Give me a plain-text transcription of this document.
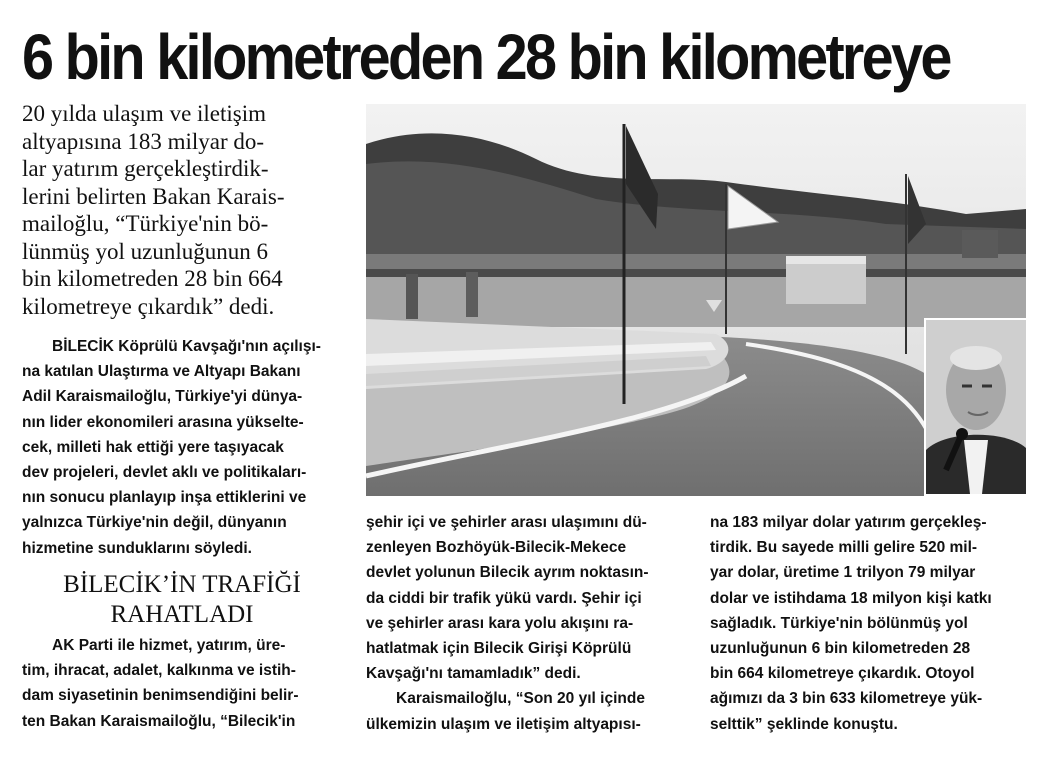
6 bin kilometreden 28 bin kilometreye
20 yılda ulaşım ve iletişim
altyapısına 183 milyar do-
lar yatırım gerçekleştirdik-
lerini belirten Bakan Karais-
mailoğlu, “Türkiye'nin bö-
lünmüş yol uzunluğunun 6
bin kilometreden 28 bin 664
kilometreye çıkardık” dedi.
BİLECİK Köprülü Kavşağı'nın açılışı-
na katılan Ulaştırma ve Altyapı Bakanı
Adil Karaismailoğlu, Türkiye'yi dünya-
nın lider ekonomileri arasına yükselte-
cek, milleti hak ettiği yere taşıyacak
dev projeleri, devlet aklı ve politikaları-
nın sonucu planlayıp inşa ettiklerini ve
yalnızca Türkiye'nin değil, dünyanın
hizmetine sunduklarını söyledi.
BİLECİK’İN TRAFİĞİ
RAHATLADI
AK Parti ile hizmet, yatırım, üre-
tim, ihracat, adalet, kalkınma ve istih-
dam siyasetinin benimsendiğini belir-
ten Bakan Karaismailoğlu, “Bilecik'in
şehir içi ve şehirler arası ulaşımını dü-
zenleyen Bozhöyük-Bilecik-Mekece
devlet yolunun Bilecik ayrım noktasın-
da ciddi bir trafik yükü vardı. Şehir içi
ve şehirler arası kara yolu akışını ra-
hatlatmak için Bilecik Girişi Köprülü
Kavşağı'nı tamamladık” dedi.
Karaismailoğlu, “Son 20 yıl içinde
ülkemizin ulaşım ve iletişim altyapısı-
na 183 milyar dolar yatırım gerçekleş-
tirdik. Bu sayede milli gelire 520 mil-
yar dolar, üretime 1 trilyon 79 milyar
dolar ve istihdama 18 milyon kişi katkı
sağladık. Türkiye'nin bölünmüş yol
uzunluğunun 6 bin kilometreden 28
bin 664 kilometreye çıkardık. Otoyol
ağımızı da 3 bin 633 kilometreye yük-
selttik” şeklinde konuştu.
